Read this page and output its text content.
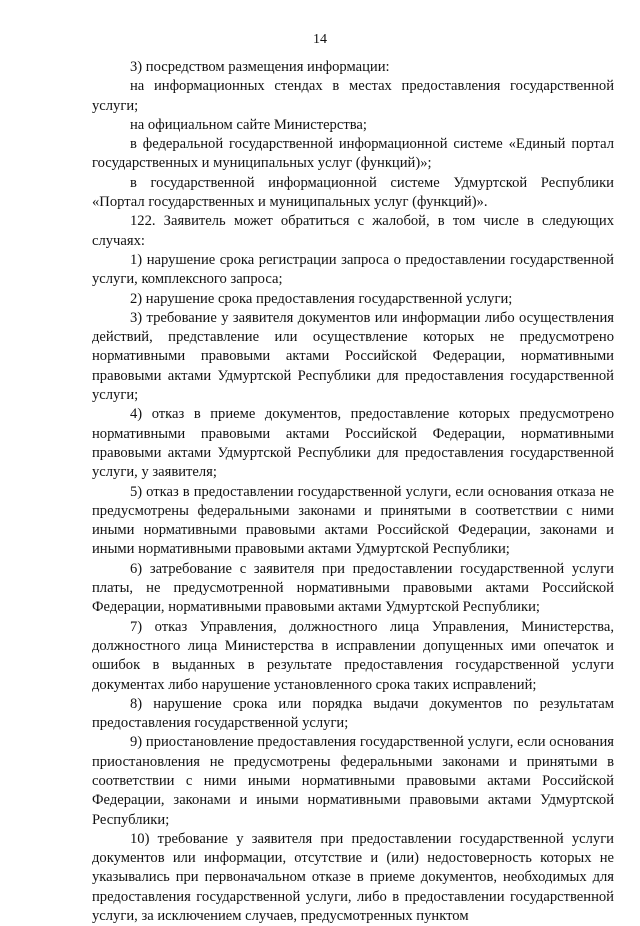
14

3) посредством размещения информации:

на информационных стендах в местах предоставления государственной услуги;

на официальном сайте Министерства;

в федеральной государственной информационной системе «Единый портал государственных и муниципальных услуг (функций)»;

в государственной информационной системе Удмуртской Республики «Портал государственных и муниципальных услуг (функций)».

122. Заявитель может обратиться с жалобой, в том числе в следующих случаях:

1) нарушение срока регистрации запроса о предоставлении государственной услуги, комплексного запроса;

2) нарушение срока предоставления государственной услуги;

3) требование у заявителя документов или информации либо осуществления действий, представление или осуществление которых не предусмотрено нормативными правовыми актами Российской Федерации, нормативными правовыми актами Удмуртской Республики для предоставления государственной услуги;

4) отказ в приеме документов, предоставление которых предусмотрено нормативными правовыми актами Российской Федерации, нормативными правовыми актами Удмуртской Республики для предоставления государственной услуги, у заявителя;

5) отказ в предоставлении государственной услуги, если основания отказа не предусмотрены федеральными законами и принятыми в соответствии с ними иными нормативными правовыми актами Российской Федерации, законами и иными нормативными правовыми актами Удмуртской Республики;

6) затребование с заявителя при предоставлении государственной услуги платы, не предусмотренной нормативными правовыми актами Российской Федерации, нормативными правовыми актами Удмуртской Республики;

7) отказ Управления, должностного лица Управления, Министерства, должностного лица Министерства в исправлении допущенных ими опечаток и ошибок в выданных в результате предоставления государственной услуги документах либо нарушение установленного срока таких исправлений;

8) нарушение срока или порядка выдачи документов по результатам предоставления государственной услуги;

9) приостановление предоставления государственной услуги, если основания приостановления не предусмотрены федеральными законами и принятыми в соответствии с ними иными нормативными правовыми актами Российской Федерации, законами и иными нормативными правовыми актами Удмуртской Республики;

10) требование у заявителя при предоставлении государственной услуги документов или информации, отсутствие и (или) недостоверность которых не указывались при первоначальном отказе в приеме документов, необходимых для предоставления государственной услуги, либо в предоставлении государственной услуги, за исключением случаев, предусмотренных пунктом
